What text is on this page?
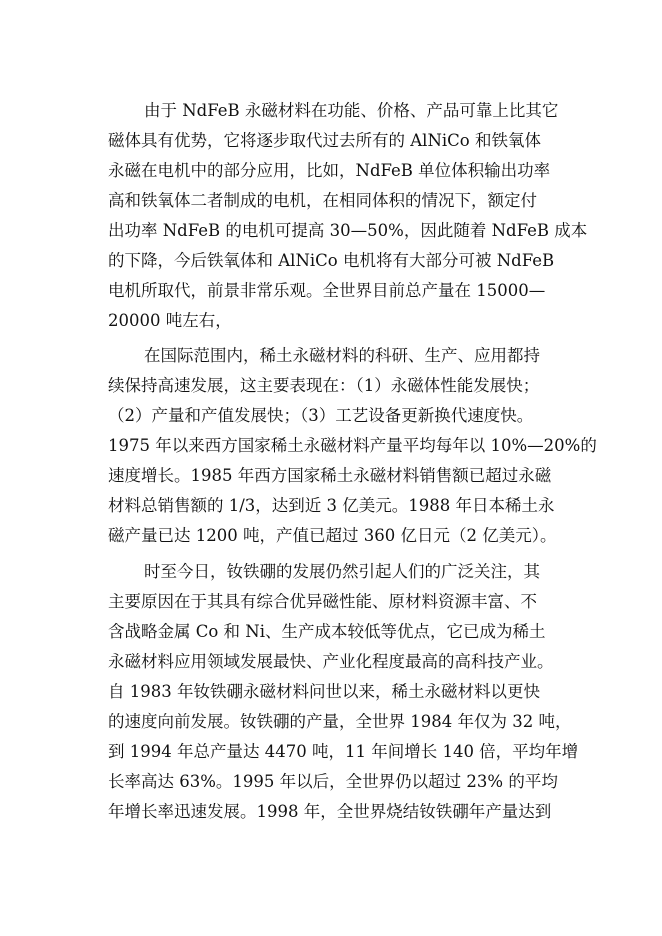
由于 NdFeB 永磁材料在功能、价格、产品可靠上比其它
磁体具有优势，它将逐步取代过去所有的 AlNiCo 和铁氧体
永磁在电机中的部分应用，比如，NdFeB 单位体积输出功率
高和铁氧体二者制成的电机，在相同体积的情况下，额定付
出功率 NdFeB 的电机可提高 30—50%，因此随着 NdFeB 成本
的下降，今后铁氧体和 AlNiCo 电机将有大部分可被 NdFeB
电机所取代，前景非常乐观。全世界目前总产量在 15000—
20000 吨左右，
在国际范围内，稀土永磁材料的科研、生产、应用都持
续保持高速发展，这主要表现在：（1）永磁体性能发展快；
（2）产量和产值发展快；（3）工艺设备更新换代速度快。
1975 年以来西方国家稀土永磁材料产量平均每年以 10%—20%的
速度增长。1985 年西方国家稀土永磁材料销售额已超过永磁
材料总销售额的 1/3，达到近 3 亿美元。1988 年日本稀土永
磁产量已达 1200 吨，产值已超过 360 亿日元（2 亿美元）。
时至今日，钕铁硼的发展仍然引起人们的广泛关注，其
主要原因在于其具有综合优异磁性能、原材料资源丰富、不
含战略金属 Co 和 Ni、生产成本较低等优点，它已成为稀土
永磁材料应用领域发展最快、产业化程度最高的高科技产业。
自 1983 年钕铁硼永磁材料问世以来，稀土永磁材料以更快
的速度向前发展。钕铁硼的产量，全世界 1984 年仅为 32 吨，
到 1994 年总产量达 4470 吨，11 年间增长 140 倍，平均年增
长率高达 63%。1995 年以后，全世界仍以超过 23% 的平均
年增长率迅速发展。1998 年，全世界烧结钕铁硼年产量达到
